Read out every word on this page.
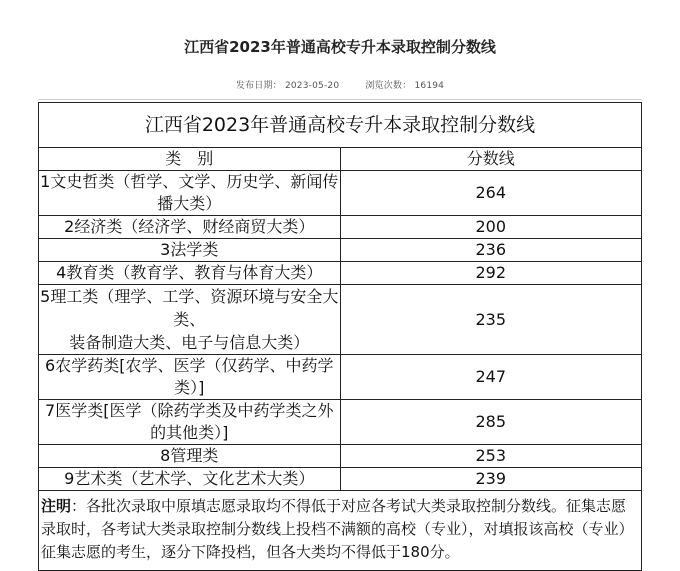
江西省2023年普通高校专升本录取控制分数线
发布日期： 2023-05-20	浏览次数： 16194
江西省2023年普通高校专升本录取控制分数线	
类　别	分数线
1文史哲类（哲学、文学、历史学、新闻传播大类）	264
2经济类（经济学、财经商贸大类）	200
3法学类	236
4教育类（教育学、教育与体育大类）	292

5理工类（理学、工学、资源环境与安全大类、
装备制造大类、电子与信息大类）	235
6农学药类[农学、医学（仅药学、中药学类）]	247
7医学类[医学（除药学类及中药学类之外的其他类）]	285
8管理类	253
9艺术类（艺术学、文化艺术大类）	239
注明：各批次录取中原填志愿录取均不得低于对应各考试大类录取控制分数线。征集志愿录取时，各考试大类录取控制分数线上投档不满额的高校（专业），对填报该高校（专业）征集志愿的考生，逐分下降投档，但各大类均不得低于180分。	
